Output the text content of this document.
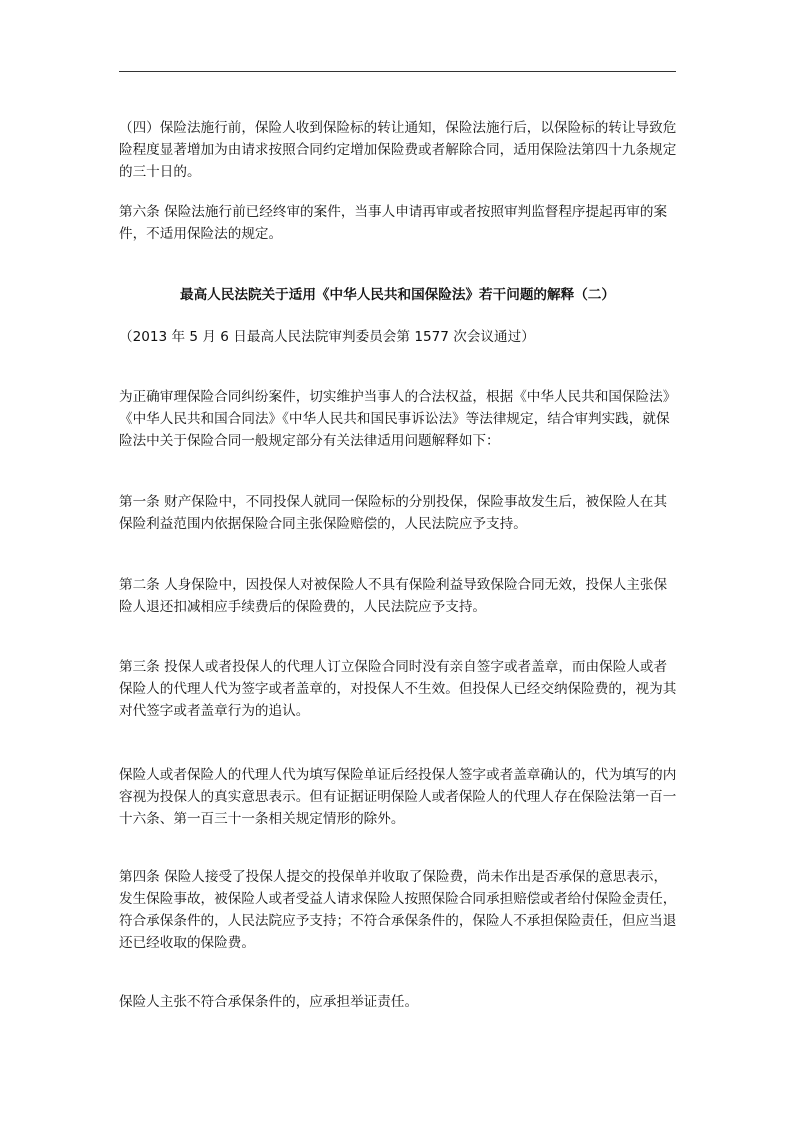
（四）保险法施行前，保险人收到保险标的转让通知，保险法施行后，以保险标的转让导致危险程度显著增加为由请求按照合同约定增加保险费或者解除合同，适用保险法第四十九条规定的三十日的。

第六条 保险法施行前已经终审的案件，当事人申请再审或者按照审判监督程序提起再审的案件，不适用保险法的规定。

最高人民法院关于适用《中华人民共和国保险法》若干问题的解释（二）

（2013 年 5 月 6 日最高人民法院审判委员会第 1577 次会议通过）

为正确审理保险合同纠纷案件，切实维护当事人的合法权益，根据《中华人民共和国保险法》《中华人民共和国合同法》《中华人民共和国民事诉讼法》等法律规定，结合审判实践，就保险法中关于保险合同一般规定部分有关法律适用问题解释如下：

第一条 财产保险中，不同投保人就同一保险标的分别投保，保险事故发生后，被保险人在其保险利益范围内依据保险合同主张保险赔偿的，人民法院应予支持。

第二条 人身保险中，因投保人对被保险人不具有保险利益导致保险合同无效，投保人主张保险人退还扣减相应手续费后的保险费的，人民法院应予支持。

第三条 投保人或者投保人的代理人订立保险合同时没有亲自签字或者盖章，而由保险人或者保险人的代理人代为签字或者盖章的，对投保人不生效。但投保人已经交纳保险费的，视为其对代签字或者盖章行为的追认。

保险人或者保险人的代理人代为填写保险单证后经投保人签字或者盖章确认的，代为填写的内容视为投保人的真实意思表示。但有证据证明保险人或者保险人的代理人存在保险法第一百一十六条、第一百三十一条相关规定情形的除外。

第四条 保险人接受了投保人提交的投保单并收取了保险费，尚未作出是否承保的意思表示，发生保险事故，被保险人或者受益人请求保险人按照保险合同承担赔偿或者给付保险金责任，符合承保条件的，人民法院应予支持；不符合承保条件的，保险人不承担保险责任，但应当退还已经收取的保险费。

保险人主张不符合承保条件的，应承担举证责任。
